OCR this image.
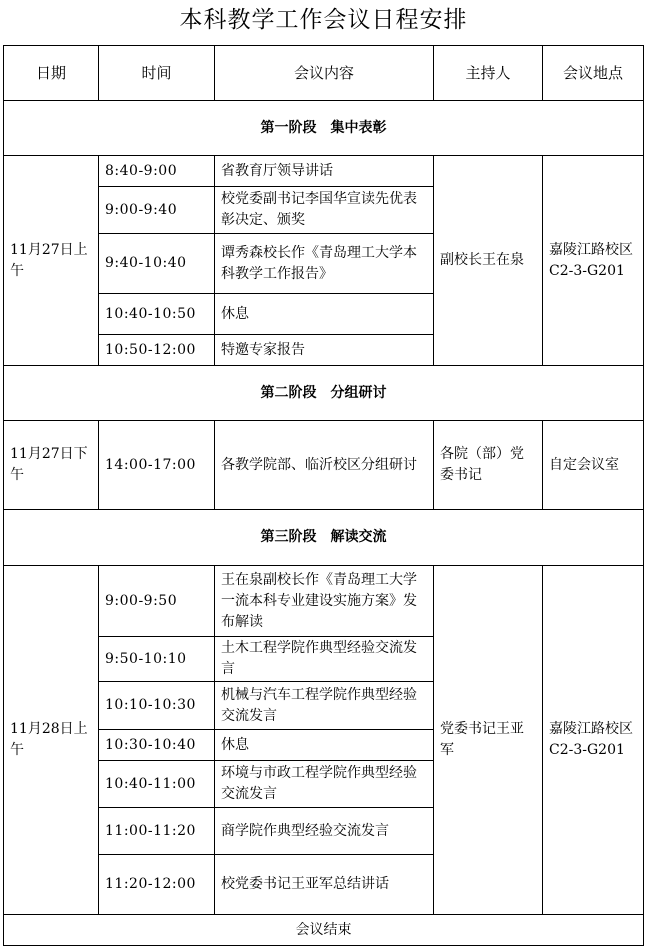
本科教学工作会议日程安排
日期	时间	会议内容	主持人	会议地点
第一阶段　集中表彰				
11月27日上午	8:40-9:00	省教育厅领导讲话	副校长王在泉	嘉陵江路校区C2-3-G201
	9:00-9:40	校党委副书记李国华宣读先优表彰决定、颁奖		
	9:40-10:40	谭秀森校长作《青岛理工大学本科教学工作报告》		
	10:40-10:50	休息		
	10:50-12:00	特邀专家报告		
第二阶段　分组研讨				
11月27日下午	14:00-17:00	各教学院部、临沂校区分组研讨	各院（部）党委书记	自定会议室
第三阶段　解读交流				
11月28日上午	9:00-9:50	王在泉副校长作《青岛理工大学一流本科专业建设实施方案》发布解读	党委书记王亚军	嘉陵江路校区C2-3-G201
	9:50-10:10	土木工程学院作典型经验交流发言		
	10:10-10:30	机械与汽车工程学院作典型经验交流发言		
	10:30-10:40	休息		
	10:40-11:00	环境与市政工程学院作典型经验交流发言		
	11:00-11:20	商学院作典型经验交流发言		
	11:20-12:00	校党委书记王亚军总结讲话		
会议结束				
